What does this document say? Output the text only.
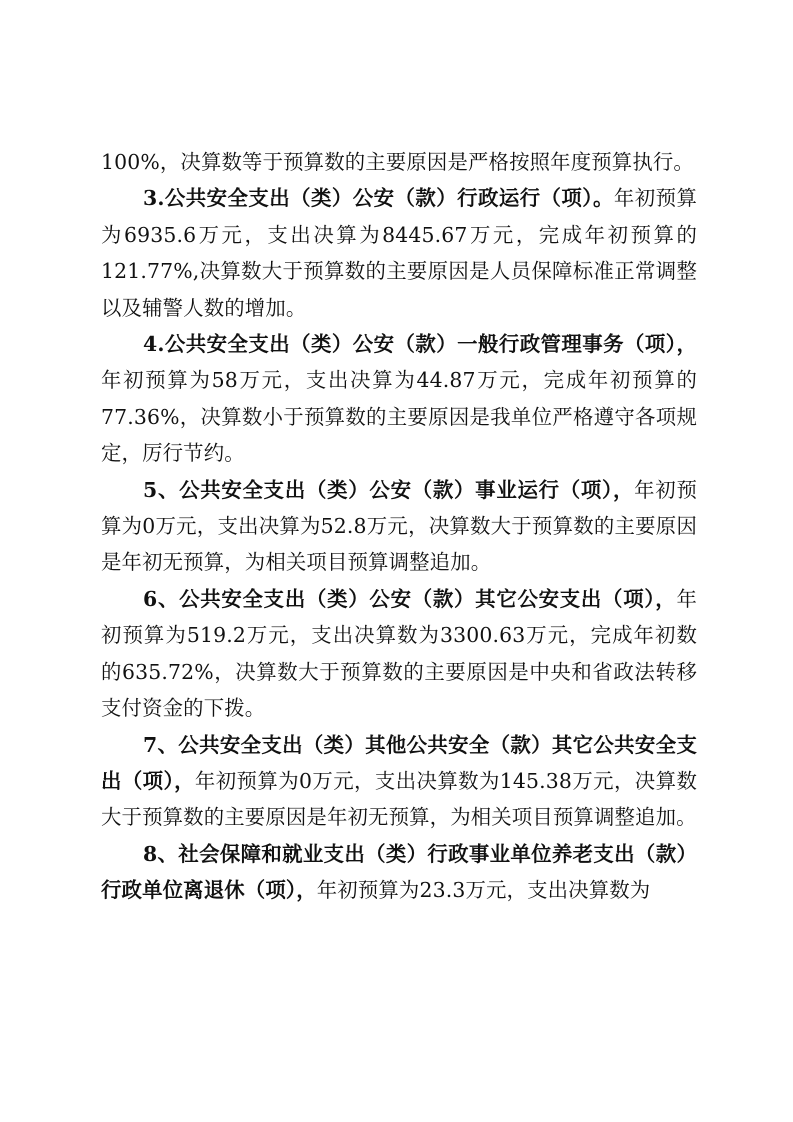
100%，决算数等于预算数的主要原因是严格按照年度预算执行。

3.公共安全支出（类）公安（款）行政运行（项）。年初预算为6935.6万元，支出决算为8445.67万元，完成年初预算的121.77%,决算数大于预算数的主要原因是人员保障标准正常调整以及辅警人数的增加。

4.公共安全支出（类）公安（款）一般行政管理事务（项），年初预算为58万元，支出决算为44.87万元，完成年初预算的77.36%，决算数小于预算数的主要原因是我单位严格遵守各项规定，厉行节约。

5、公共安全支出（类）公安（款）事业运行（项），年初预算为0万元，支出决算为52.8万元，决算数大于预算数的主要原因是年初无预算，为相关项目预算调整追加。

6、公共安全支出（类）公安（款）其它公安支出（项），年初预算为519.2万元，支出决算数为3300.63万元，完成年初数的635.72%，决算数大于预算数的主要原因是中央和省政法转移支付资金的下拨。

7、公共安全支出（类）其他公共安全（款）其它公共安全支出（项），年初预算为0万元，支出决算数为145.38万元，决算数大于预算数的主要原因是年初无预算，为相关项目预算调整追加。

8、社会保障和就业支出（类）行政事业单位养老支出（款）行政单位离退休（项），年初预算为23.3万元，支出决算数为
